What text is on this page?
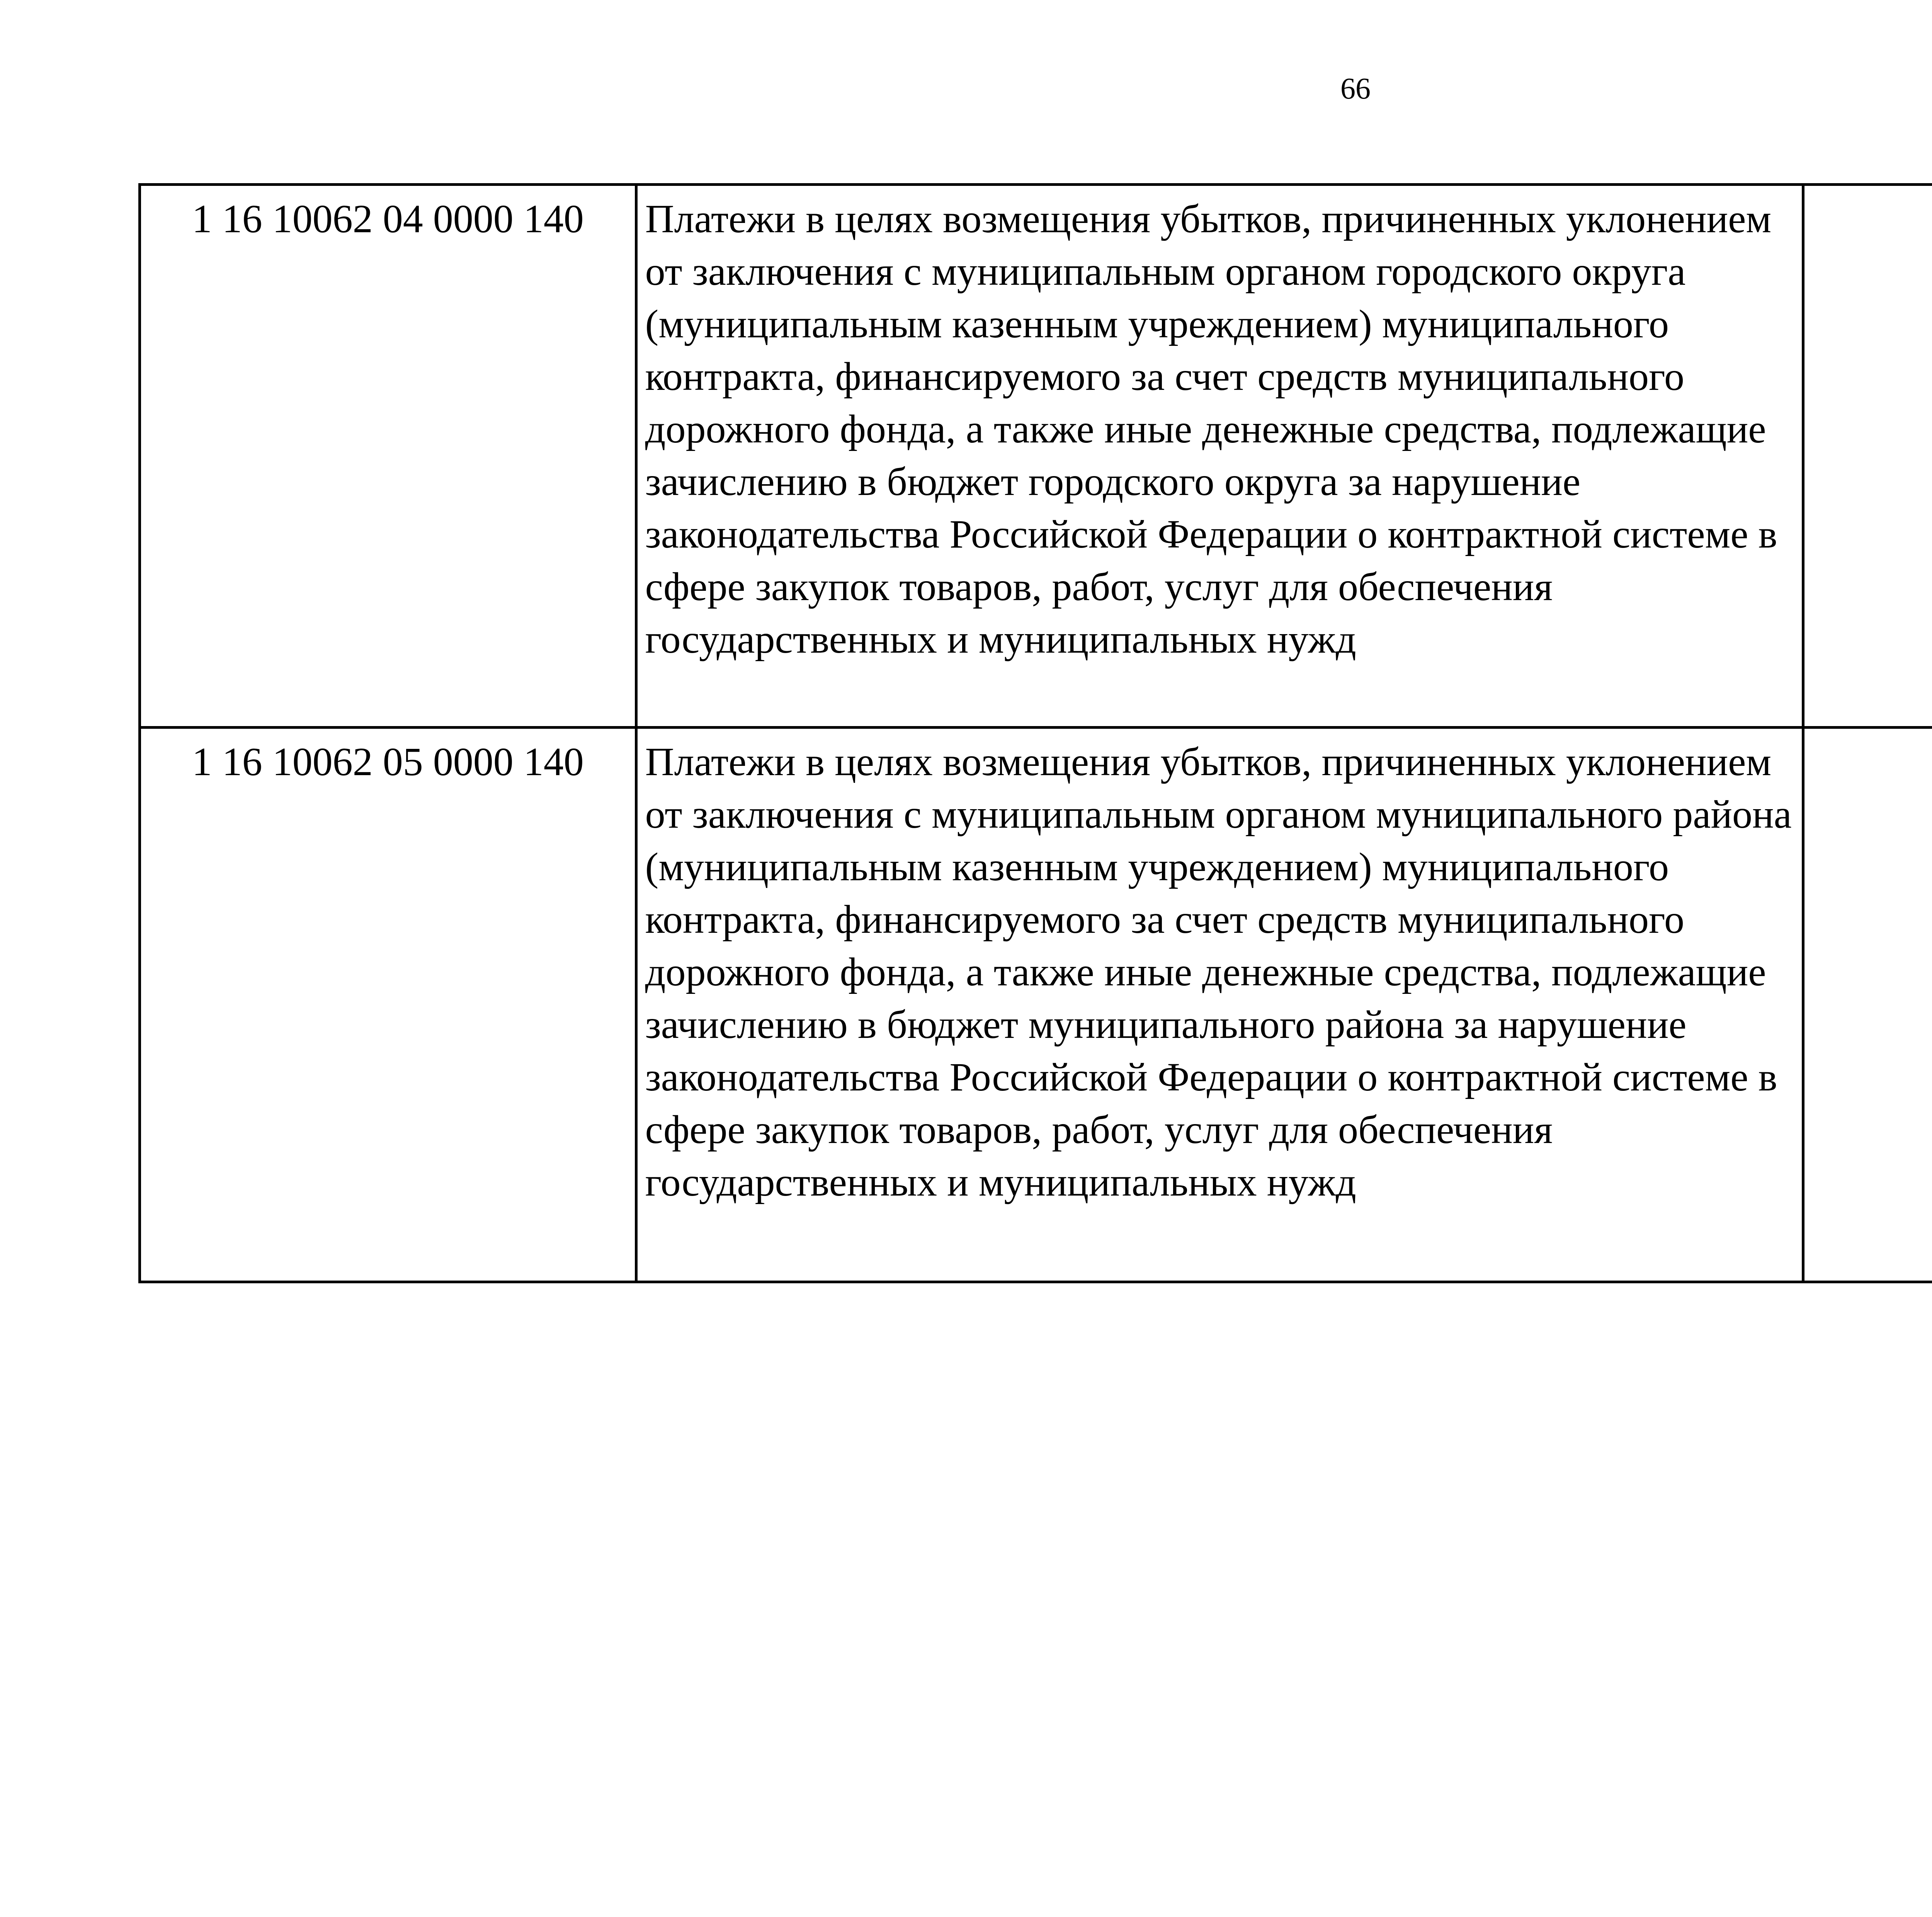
66
1 16 10062 04 0000 140	Платежи в целях возмещения убытков, причиненных уклонением от заключения с муниципальным органом городского округа (муниципальным казенным учреждением) муниципального контракта, финансируемого за счет средств муниципального дорожного фонда, а также иные денежные средства, подлежащие зачислению в бюджет городского округа за нарушение законодательства Российской Федерации о контрактной системе в сфере закупок товаров, работ, услуг для обеспечения государственных и муниципальных нужд					
1 16 10062 05 0000 140	Платежи в целях возмещения убытков, причиненных уклонением от заключения с муниципальным органом муниципального района (муниципальным казенным учреждением) муниципального контракта, финансируемого за счет средств муниципального дорожного фонда, а также иные денежные средства, подлежащие зачислению в бюджет муниципального района за нарушение законодательства Российской Федерации о контрактной системе в сфере закупок товаров, работ, услуг для обеспечения государственных и муниципальных нужд					
